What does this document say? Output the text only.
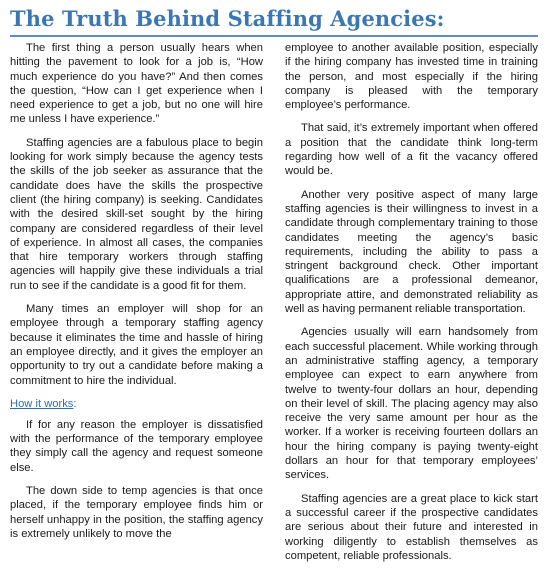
The Truth Behind Staffing Agencies:

The first thing a person usually hears when hitting the pavement to look for a job is, “How much experience do you have?” And then comes the question, “How can I get experience when I need experience to get a job, but no one will hire me unless I have experience.”

Staffing agencies are a fabulous place to begin looking for work simply because the agency tests the skills of the job seeker as assurance that the candidate does have the skills the prospective client (the hiring company) is seeking. Candidates with the desired skill-set sought by the hiring company are considered regardless of their level of experience. In almost all cases, the companies that hire temporary workers through staffing agencies will happily give these individuals a trial run to see if the candidate is a good fit for them.

Many times an employer will shop for an employee through a temporary staffing agency because it eliminates the time and hassle of hiring an employee directly, and it gives the employer an opportunity to try out a candidate before making a commitment to hire the individual.

How it works:

If for any reason the employer is dissatisfied with the performance of the temporary employee they simply call the agency and request someone else.

The down side to temp agencies is that once placed, if the temporary employee finds him or herself unhappy in the position, the staffing agency is extremely unlikely to move the

employee to another available position, especially if the hiring company has invested time in training the person, and most especially if the hiring company is pleased with the temporary employee’s performance.

That said, it’s extremely important when offered a position that the candidate think long-term regarding how well of a fit the vacancy offered would be.

Another very positive aspect of many large staffing agencies is their willingness to invest in a candidate through complementary training to those candidates meeting the agency’s basic requirements, including the ability to pass a stringent background check. Other important qualifications are a professional demeanor, appropriate attire, and demonstrated reliability as well as having permanent reliable transportation.

Agencies usually will earn handsomely from each successful placement. While working through an administrative staffing agency, a temporary employee can expect to earn anywhere from twelve to twenty-four dollars an hour, depending on their level of skill. The placing agency may also receive the very same amount per hour as the worker. If a worker is receiving fourteen dollars an hour the hiring company is paying twenty-eight dollars an hour for that temporary employees’ services.

Staffing agencies are a great place to kick start a successful career if the prospective candidates are serious about their future and interested in working diligently to establish themselves as competent, reliable professionals.
